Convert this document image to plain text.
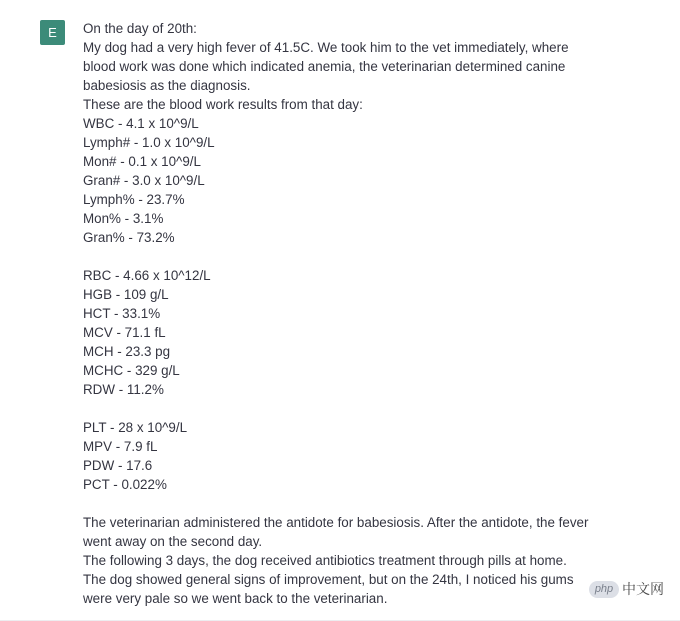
E	On the day of 20th:
My dog had a very high fever of 41.5C. We took him to the vet immediately, where blood work was done which indicated anemia, the veterinarian determined canine babesiosis as the diagnosis.
These are the blood work results from that day:
WBC - 4.1 x 10^9/L
Lymph# - 1.0 x 10^9/L
Mon# - 0.1 x 10^9/L
Gran# - 3.0 x 10^9/L
Lymph% - 23.7%
Mon% - 3.1%
Gran% - 73.2%
RBC - 4.66 x 10^12/L
HGB - 109 g/L
HCT - 33.1%
MCV - 71.1 fL
MCH - 23.3 pg
MCHC - 329 g/L
RDW - 11.2%
PLT - 28 x 10^9/L
MPV - 7.9 fL
PDW - 17.6
PCT - 0.022%
The veterinarian administered the antidote for babesiosis. After the antidote, the fever went away on the second day.
The following 3 days, the dog received antibiotics treatment through pills at home.
The dog showed general signs of improvement, but on the 24th, I noticed his gums were very pale so we went back to the veterinarian.
php 中文网
